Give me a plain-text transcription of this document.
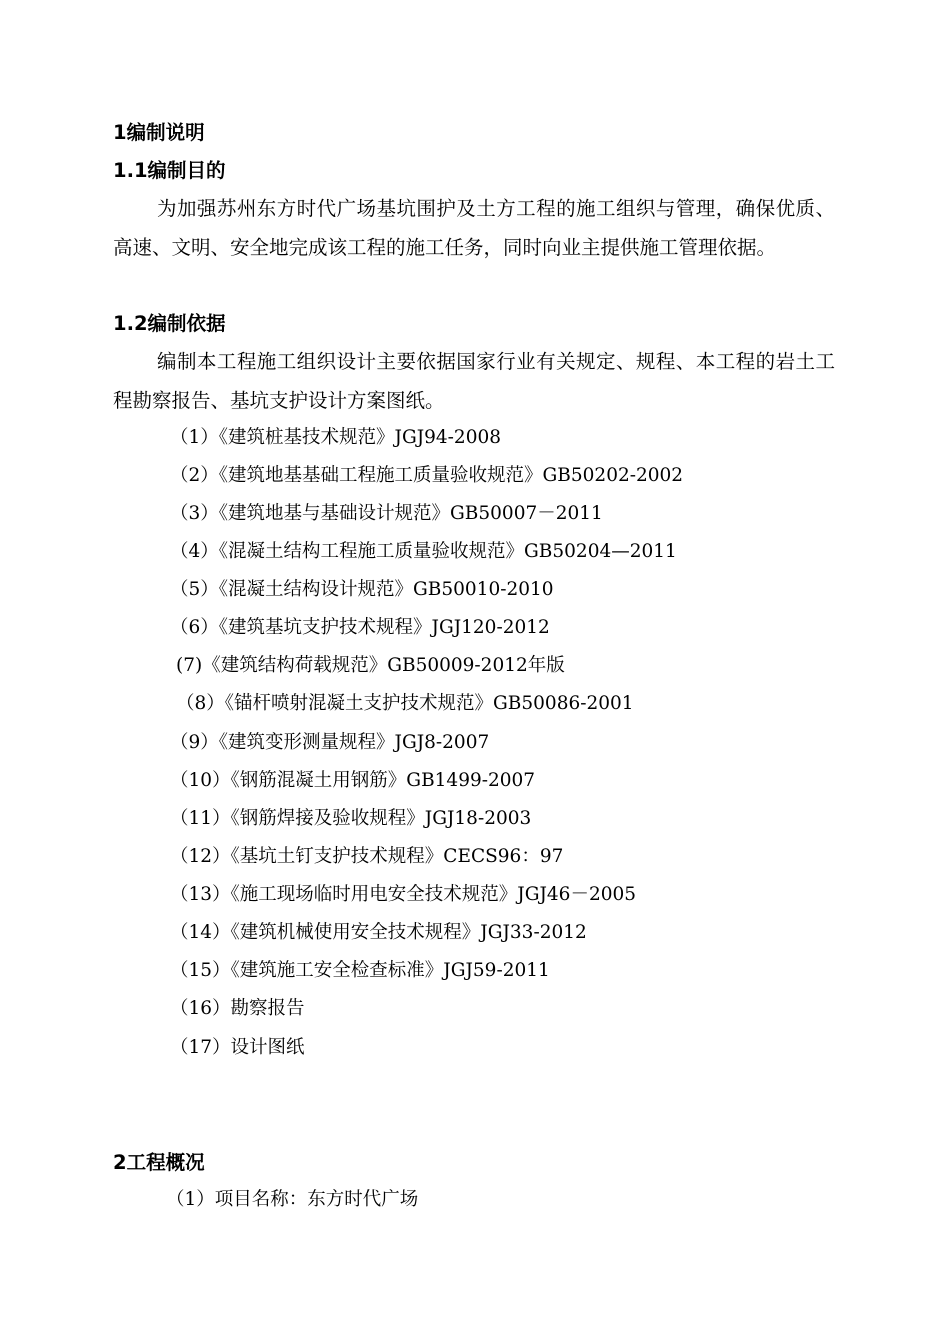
1编制说明
1.1编制目的
为加强苏州东方时代广场基坑围护及土方工程的施工组织与管理，确保优质、高速、文明、安全地完成该工程的施工任务，同时向业主提供施工管理依据。
1.2编制依据
编制本工程施工组织设计主要依据国家行业有关规定、规程、本工程的岩土工程勘察报告、基坑支护设计方案图纸。
（1）《建筑桩基技术规范》JGJ94-2008
（2）《建筑地基基础工程施工质量验收规范》GB50202-2002
（3）《建筑地基与基础设计规范》GB50007－2011
（4）《混凝土结构工程施工质量验收规范》GB50204—2011
（5）《混凝土结构设计规范》GB50010-2010
（6）《建筑基坑支护技术规程》JGJ120-2012
(7)《建筑结构荷载规范》GB50009-2012年版
（8）《锚杆喷射混凝土支护技术规范》GB50086-2001
（9）《建筑变形测量规程》JGJ8-2007
（10）《钢筋混凝土用钢筋》GB1499-2007
（11）《钢筋焊接及验收规程》JGJ18-2003
（12）《基坑土钉支护技术规程》CECS96：97
（13）《施工现场临时用电安全技术规范》JGJ46－2005
（14）《建筑机械使用安全技术规程》JGJ33-2012
（15）《建筑施工安全检查标准》JGJ59-2011
（16）勘察报告
（17）设计图纸
2工程概况
（1）项目名称：东方时代广场
